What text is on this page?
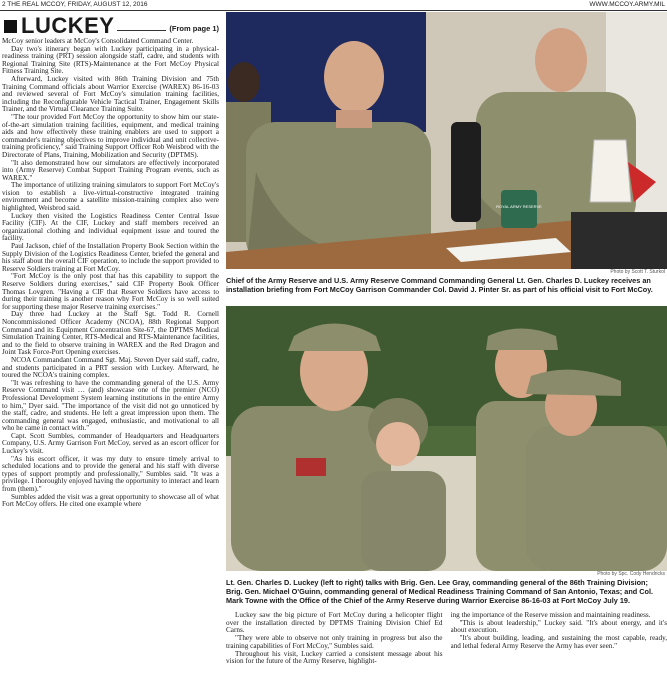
2 THE REAL MCCOY, FRIDAY, AUGUST 12, 2016	WWW.MCCOY.ARMY.MIL
LUCKEY	(From page 1)

McCoy senior leaders at McCoy's Consolidated Command Center.

Day two's itinerary began with Luckey participating in a physical-readiness training (PRT) session alongside staff, cadre, and students with Regional Training Site (RTS)-Maintenance at the Fort McCoy Physical Fitness Training Site.

Afterward, Luckey visited with 86th Training Division and 75th Training Command officials about Warrior Exercise (WAREX) 86-16-03 and reviewed several of Fort McCoy's simulation training facilities, including the Reconfigurable Vehicle Tactical Trainer, Engagement Skills Trainer, and the Virtual Clearance Training Suite.

"The tour provided Fort McCoy the opportunity to show him our state-of-the-art simulation training facilities, equipment, and medical training aids and how effectively these training enablers are used to support a commander's training objectives to improve individual and unit collective-training proficiency," said Training Support Officer Rob Weisbrod with the Directorate of Plans, Training, Mobilization and Security (DPTMS).

"It also demonstrated how our simulators are effectively incorporated into (Army Reserve) Combat Support Training Program events, such as WAREX."

The importance of utilizing training simulators to support Fort McCoy's vision to establish a live-virtual-constructive integrated training environment and become a satellite mission-training complex also were highlighted, Weisbrod said.

Luckey then visited the Logistics Readiness Center Central Issue Facility (CIF). At the CIF, Luckey and staff members received an organizational clothing and individual equipment issue and toured the facility.

Paul Jackson, chief of the Installation Property Book Section within the Supply Division of the Logistics Readiness Center, briefed the general and his staff about the overall CIF operation, to include the support provided to Reserve Soldiers training at Fort McCoy.

"Fort McCoy is the only post that has this capability to support the Reserve Soldiers during exercises," said CIF Property Book Officer Thomas Lovgren. "Having a CIF that Reserve Soldiers have access to during their training is another reason why Fort McCoy is so well suited for supporting these major Reserve training exercises."

Day three had Luckey at the Staff Sgt. Todd R. Cornell Noncommissioned Officer Academy (NCOA), 88th Regional Support Command and its Equipment Concentration Site-67, the DPTMS Medical Simulation Training Center, RTS-Medical and RTS-Maintenance facilities, and to the field to observe training in WAREX and the Red Dragon and Joint Task Force-Port Opening exercises.

NCOA Commandant Command Sgt. Maj. Steven Dyer said staff, cadre, and students participated in a PRT session with Luckey. Afterward, he toured the NCOA's training complex.

"It was refreshing to have the commanding general of the U.S. Army Reserve Command visit … (and) showcase one of the premier (NCO) Professional Development System learning institutions in the entire Army to him," Dyer said. "The importance of the visit did not go unnoticed by the staff, cadre, and students. He left a great impression upon them. The commanding general was engaged, enthusiastic, and motivational to all who he came in contact with."

Capt. Scott Sumbles, commander of Headquarters and Headquarters Company, U.S. Army Garrison Fort McCoy, served as an escort officer for Luckey's visit.

"As his escort officer, it was my duty to ensure timely arrival to scheduled locations and to provide the general and his staff with diverse types of support promptly and professionally," Sumbles said. "It was a privilege. I thoroughly enjoyed having the opportunity to interact and learn from (them)."

Sumbles added the visit was a great opportunity to showcase all of what Fort McCoy offers. He cited one example where

ROYAL ARMY RESERVE
Photo by Scott T. Sturkol
Chief of the Army Reserve and U.S. Army Reserve Command Commanding General Lt. Gen. Charles D. Luckey receives an installation briefing from Fort McCoy Garrison Commander Col. David J. Pinter Sr. as part of his official visit to Fort McCoy.
Photo by Spc. Cody Hendricks
Lt. Gen. Charles D. Luckey (left to right) talks with Brig. Gen. Lee Gray, commanding general of the 86th Training Division; Brig. Gen. Michael O'Guinn, commanding general of Medical Readiness Training Command of San Antonio, Texas; and Col. Mark Towne with the Office of the Chief of the Army Reserve during Warrior Exercise 86-16-03 at Fort McCoy July 19.

Luckey saw the big picture of Fort McCoy during a helicopter flight over the installation directed by DPTMS Training Division Chief Ed Carns.

"They were able to observe not only training in progress but also the training capabilities of Fort McCoy," Sumbles said.

Throughout his visit, Luckey carried a consistent message about his vision for the future of the Army Reserve, highlight-

ing the importance of the Reserve mission and maintaining readiness.

"This is about leadership," Luckey said. "It's about energy, and it's about execution.

"It's about building, leading, and sustaining the most capable, ready, and lethal federal Army Reserve the Army has ever seen."
